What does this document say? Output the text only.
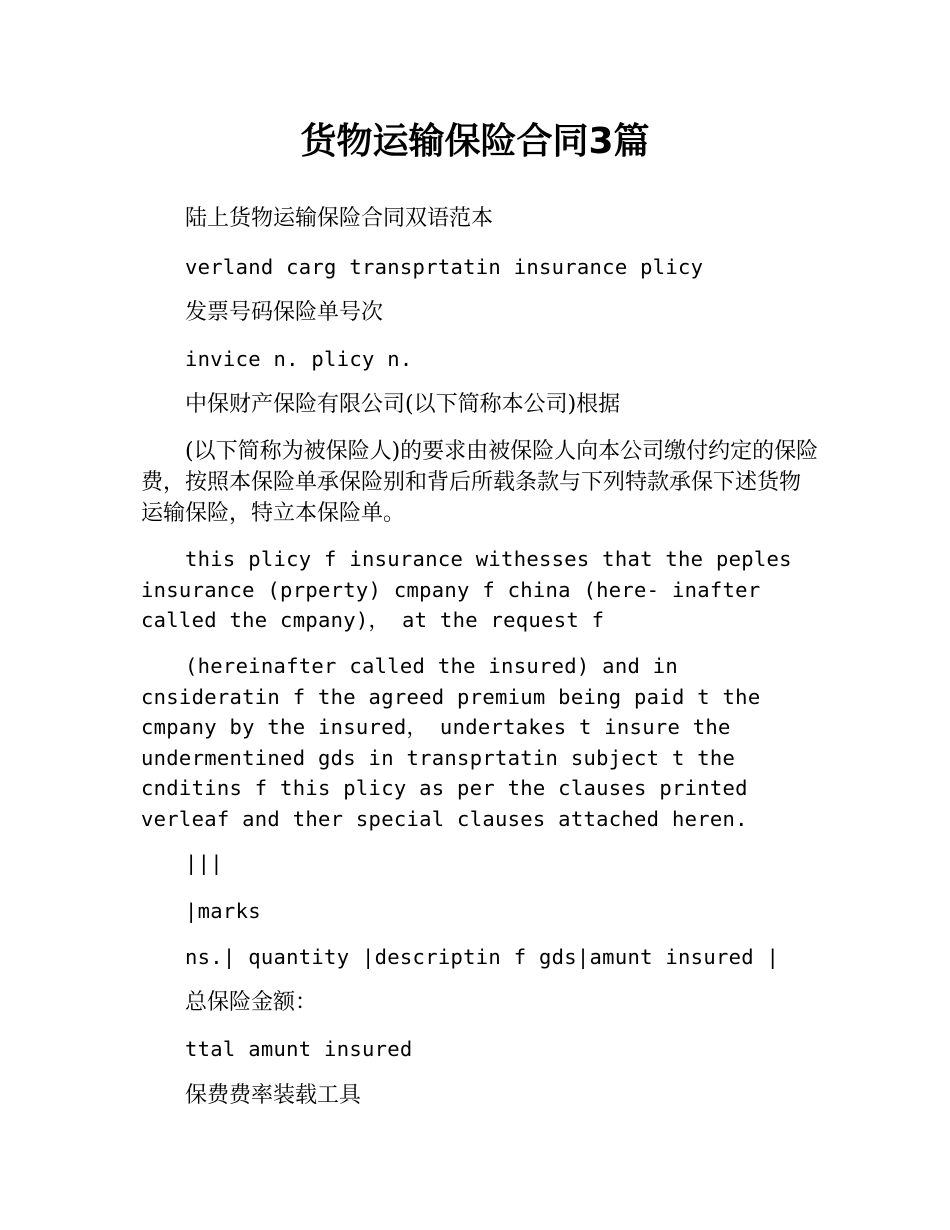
货物运输保险合同3篇

陆上货物运输保险合同双语范本

verland carg transprtatin insurance plicy

发票号码保险单号次

invice n. plicy n.

中保财产保险有限公司(以下简称本公司)根据

(以下简称为被保险人)的要求由被保险人向本公司缴付约定的保险费，按照本保险单承保险别和背后所载条款与下列特款承保下述货物运输保险，特立本保险单。

this plicy f insurance withesses that the peples insurance (prperty) cmpany f china (here- inafter called the cmpany)， at the request f

(hereinafter called the insured) and in cnsideratin f the agreed premium being paid t the cmpany by the insured， undertakes t insure the undermentined gds in transprtatin subject t the cnditins f this plicy as per the clauses printed verleaf and ther special clauses attached heren.

|||

|marks

ns.| quantity |descriptin f gds|amunt insured |

总保险金额：

ttal amunt insured

保费费率装载工具
